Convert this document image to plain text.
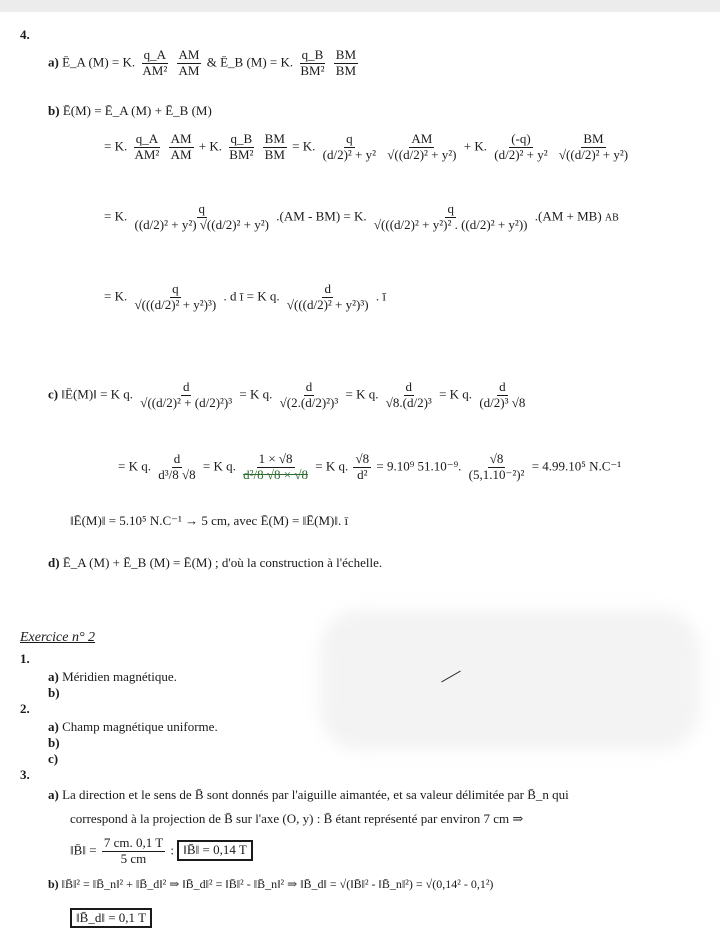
4.
a) Ē_A (M) = K. $\frac{q\_A}{\text{AM²}}$
$\frac{AM}{AM}$ & Ē_B (M) = K. $\frac{q\_B}{\text{BM²}}$
$\frac{BM}{BM}$
b) Ē(M) = Ē_A (M) + Ē_B (M)
= K. $\frac{q\_A}{\text{AM²}}$
$\frac{AM}{AM} + K$. $\frac{q\_B}{\text{BM²}}$
$\frac{BM}{BM} = K$. $\frac{q}{\text{(d/2)² + y²}}$
$\frac{AM}{\text{√((d/2)² + y²)}} + K$. $\frac{(-q)}{\text{(d/2)² + y²}}$
$\frac{BM}{\text{√((d/2)² + y²)}}$
= K. $\frac{q}{\text{((d/2)² + y²) √((d/2)² + y²)}} .(AM - BM) = K$. $\frac{q}{\text{√(((d/2)² + y²)² . ((d/2)² + y²))}} .(AM + MB)$ AB
= K. $\frac{q}{\text{√(((d/2)² + y²)³)}}$ . d ī = K q. $\frac{d}{\text{√(((d/2)² + y²)³)}}$ . ī
c) ‖Ē(M)‖ = K q. $\frac{d}{\text{√((d/2)² + (d/2)²)³}} = K$ q. $\frac{d}{\text{√(2.(d/2)²)³}} = K$ q. $\frac{d}{\text{√8.(d/2)³}} = K$ q. $\frac{d}{\text{(d/2)³ √8}}$
= K q. $\frac{d}{\text{d³/8 √8}} = K$ q. $\frac{1 \times √8}{\text{d²/8 √8 × √8}} = K$ q. $\frac{√8}{\text{d²}} = 9.10^9$ 51.10⁻⁹. $\frac{√8}{\text{(5,1.10⁻²)²}} = 4.99.10^5$ N.C⁻¹
‖Ē(M)‖ = 5.10⁵ N.C⁻¹ → 5 cm, avec Ē(M) = ‖Ē(M)‖. ī
d) Ē_A (M) + Ē_B (M) = Ē(M) ; d'où la construction à l'échelle.
Exercice n° 2
1.
a) Méridien magnétique.
b)
2.
a) Champ magnétique uniforme.
b)
c)
3.
a) La direction et le sens de B̄ sont donnés par l'aiguille aimantée, et sa valeur délimitée par B̄_n qui
correspond à la projection de B̄ sur l'axe (O, y) : B̄ étant représenté par environ 7 cm ⇒
‖B̄‖ = $\frac{7 cm. 0,1 T}{5 cm}$ : ‖B̄‖ = 0,14 T
b) ‖B̄‖² = ‖B̄_n‖² + ‖B̄_d‖² ⇒ ‖B̄_d‖² = ‖B̄‖² - ‖B̄_n‖² ⇒ ‖B̄_d‖ = √(‖B̄‖² - ‖B̄_n‖²) = √(0,14² - 0,1²)
‖B̄_d‖ = 0,1 T
